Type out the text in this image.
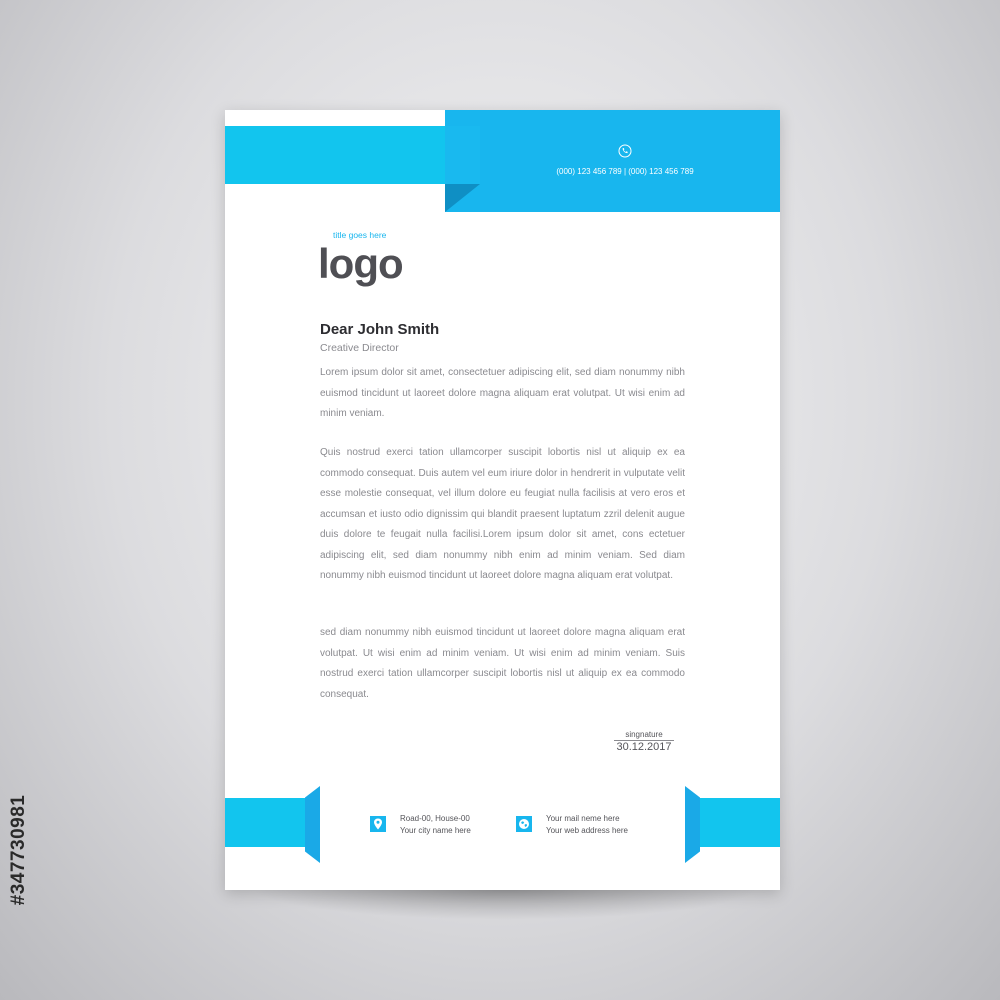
#347730981
(000) 123 456 789 | (000) 123 456 789
title goes here
logo
Dear John Smith
Creative Director
Lorem ipsum dolor sit amet, consectetuer adipiscing elit, sed diam nonummy nibh euismod tincidunt ut laoreet dolore magna aliquam erat volutpat. Ut wisi enim ad minim veniam.
Quis nostrud exerci tation ullamcorper suscipit lobortis nisl ut aliquip ex ea commodo consequat. Duis autem vel eum iriure dolor in hendrerit in vulputate velit esse molestie consequat, vel illum dolore eu feugiat nulla facilisis at vero eros et accumsan et iusto odio dignissim qui blandit praesent luptatum zzril delenit augue duis dolore te feugait nulla facilisi.Lorem ipsum dolor sit amet, cons ectetuer adipiscing elit, sed diam nonummy nibh enim ad minim veniam. Sed diam nonummy nibh euismod tincidunt ut laoreet dolore magna aliquam erat volutpat.
sed diam nonummy nibh euismod tincidunt ut laoreet dolore magna aliquam erat volutpat. Ut wisi enim ad minim veniam. Ut wisi enim ad minim veniam. Suis nostrud exerci tation ullamcorper suscipit lobortis nisl ut aliquip ex ea commodo consequat.
singnature
30.12.2017
Road-00, House-00
Your city name here
Your mail neme here
Your web address here
